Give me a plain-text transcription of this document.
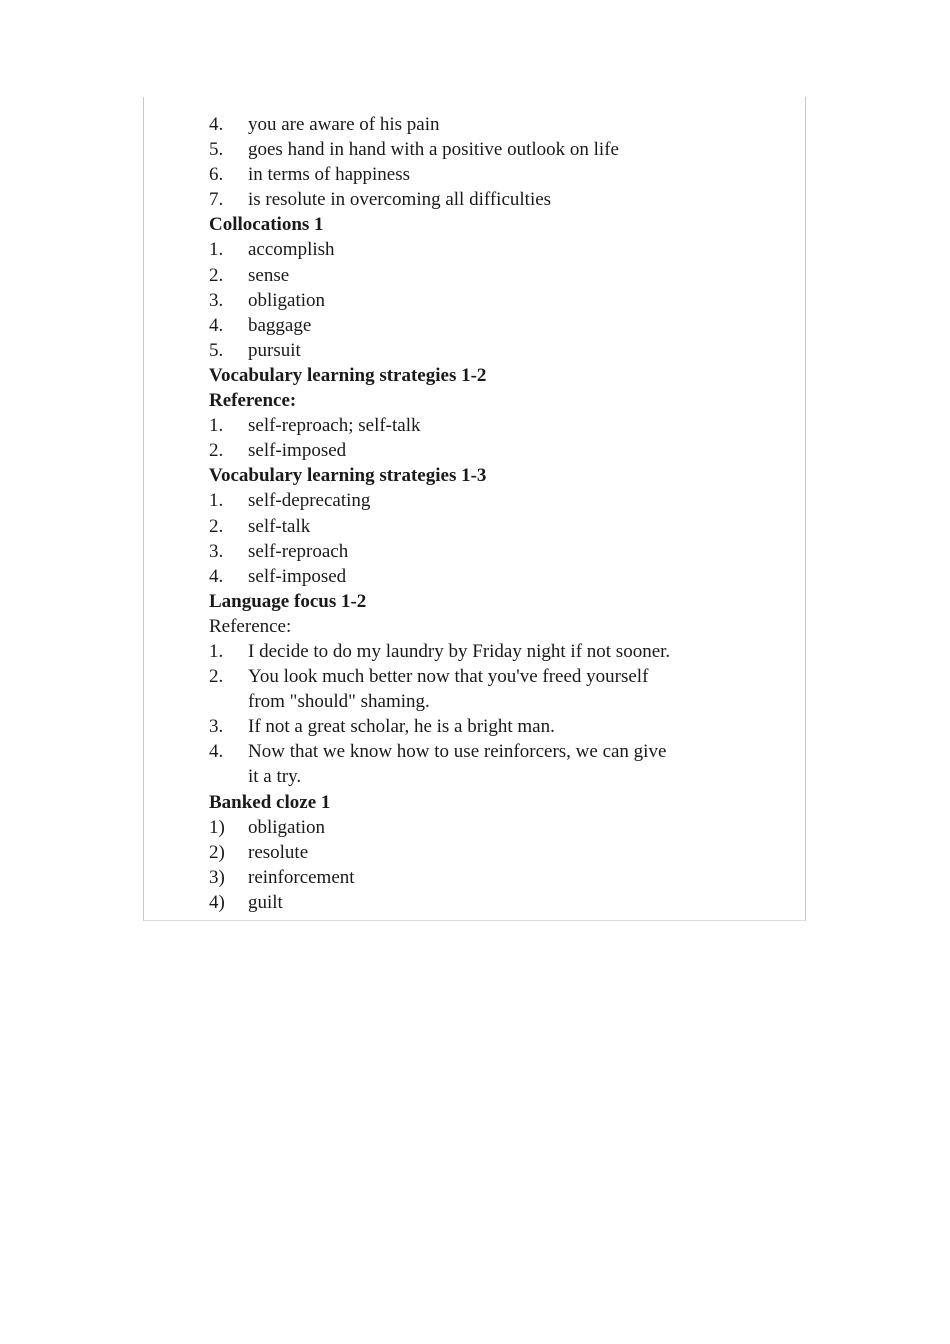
4.	you are aware of his pain
5.	goes hand in hand with a positive outlook on life
6.	in terms of happiness
7.	is resolute in overcoming all difficulties
Collocations 1
1.	accomplish
2.	sense
3.	obligation
4.	baggage
5.	pursuit
Vocabulary learning strategies 1-2
Reference:
1.	self-reproach; self-talk
2.	self-imposed
Vocabulary learning strategies 1-3
1.	self-deprecating
2.	self-talk
3.	self-reproach
4.	self-imposed
Language focus 1-2
Reference:
1.	I decide to do my laundry by Friday night if not sooner.
2.	You look much better now that you've freed yourself
from "should" shaming.
3.	If not a great scholar, he is a bright man.
4.	Now that we know how to use reinforcers, we can give
it a try.
Banked cloze 1
1)	obligation
2)	resolute
3)	reinforcement
4)	guilt
